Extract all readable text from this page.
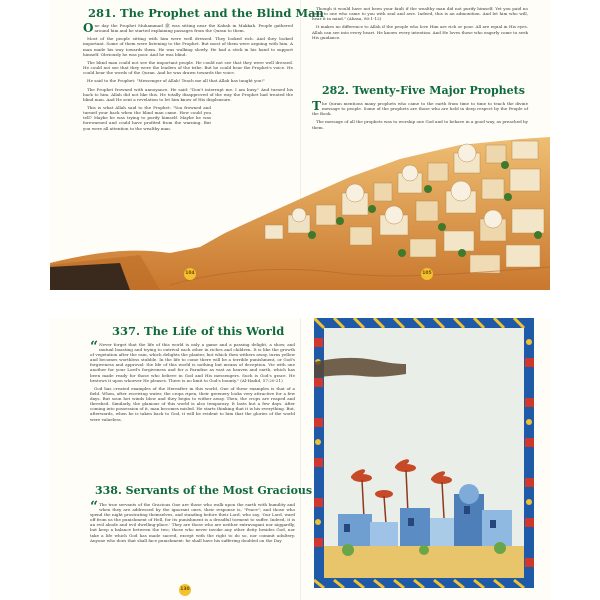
281. The Prophet and the Blind Man

One day the Prophet Muhammad ﷺ was sitting near the Kabah in Makkah. People gathered around him and he started explaining passages from the Quran to them.

Most of the people sitting with him were well dressed. They looked rich. And they looked important. Some of them were listening to the Prophet. But most of them were arguing with him. A man made his way towards them. He was walking slowly. He had a stick in his hand to support himself. Obviously he was poor. And he was blind.

The blind man could not see the important people. He could not see that they were well dressed. He could not see that they were the leaders of the tribe. But he could hear the Prophet's voice. He could hear the words of the Quran. And he was drawn towards the voice.

He said to the Prophet: "Messenger of Allah! Teach me all that Allah has taught you!"

The Prophet frowned with annoyance. He said: "Don't interrupt me. I am busy." And turned his back to him. Allah did not like this. He totally disapproved of the way the Prophet had treated the blind man. And He sent a revelation to let him know of His displeasure.

This is what Allah said to the Prophet: "You frowned and turned your back when the blind man came. How could you tell? Maybe he was trying to purify himself. Maybe he was forewarned and could have profited from the warning. But you were all attention to the wealthy man.

Though it would have not been your fault if the wealthy man did not purify himself. Yet you paid no heed to one who came to you with zeal and awe. Indeed, this is an admonition. And let him who will, hear it in mind." (Abasa, 80:1-12)

It makes no difference to Allah if the people who love Him are rich or poor. All are equal in His eyes. Allah can see into every heart. He knows every intention. And He loves those who eagerly come to seek His guidance.

282. Twenty-Five Major Prophets

The Quran mentions many prophets who came to the earth from time to time to teach the divine message to people. Some of the prophets are those who are held in deep respect by the People of the Book.

The message of all the prophets was to worship one God and to behave in a good way, as preached by them.

104	105
337. The Life of this World

“ Never forget that the life of this world is only a game and a passing delight, a show, and mutual boasting and trying to outrival each other in riches and children. It is like the growth of vegetation after the rain, which delights the planter, but which then withers away, turns yellow and becomes worthless stubble. In the life to come there will be a terrible punishment, or God's forgiveness and approval: the life of this world is nothing but means of deception. Vie with one another for your Lord's forgiveness and for a Paradise as vast as heaven and earth, which has been made ready for those who believe in God and His messengers. Such is God's grace. He bestows it upon whoever He pleases. There is no limit to God's bounty." (Al-Hadid, 57:20-21)

God has created examples of the Hereafter in this world. One of these examples is that of a field. When, after receiving water, the crops ripen, their greenery looks very attractive for a few days. But soon hot winds blow and they begin to wither away. Then, the crops are reaped and threshed. Similarly, the glamour of this world is also temporary. It lasts but a few days. After coming into possession of it, man becomes misled. He starts thinking that it is his everything. But, afterwards, when he is taken back to God, it will be evident to him that the glories of the world were valueless.

338. Servants of the Most Gracious

“ The true servants of the Gracious One are those who walk upon the earth with humility and when they are addressed by the ignorant ones, their response is, "Peace"; and those who spend the night prostrating themselves, and standing before their Lord, who say, 'Our Lord, ward off from us the punishment of Hell, for its punishment is a dreadful torment to suffer. Indeed, it is an evil abode and evil dwelling-place.' They are those who are neither extravagant nor niggardly, but keep a balance between the two; those who never invoke any other deity besides God, nor take a life which God has made sacred, except with the right to do so, nor commit adultery. Anyone who does that shall face punishment: he shall have his suffering doubled on the Day

130
